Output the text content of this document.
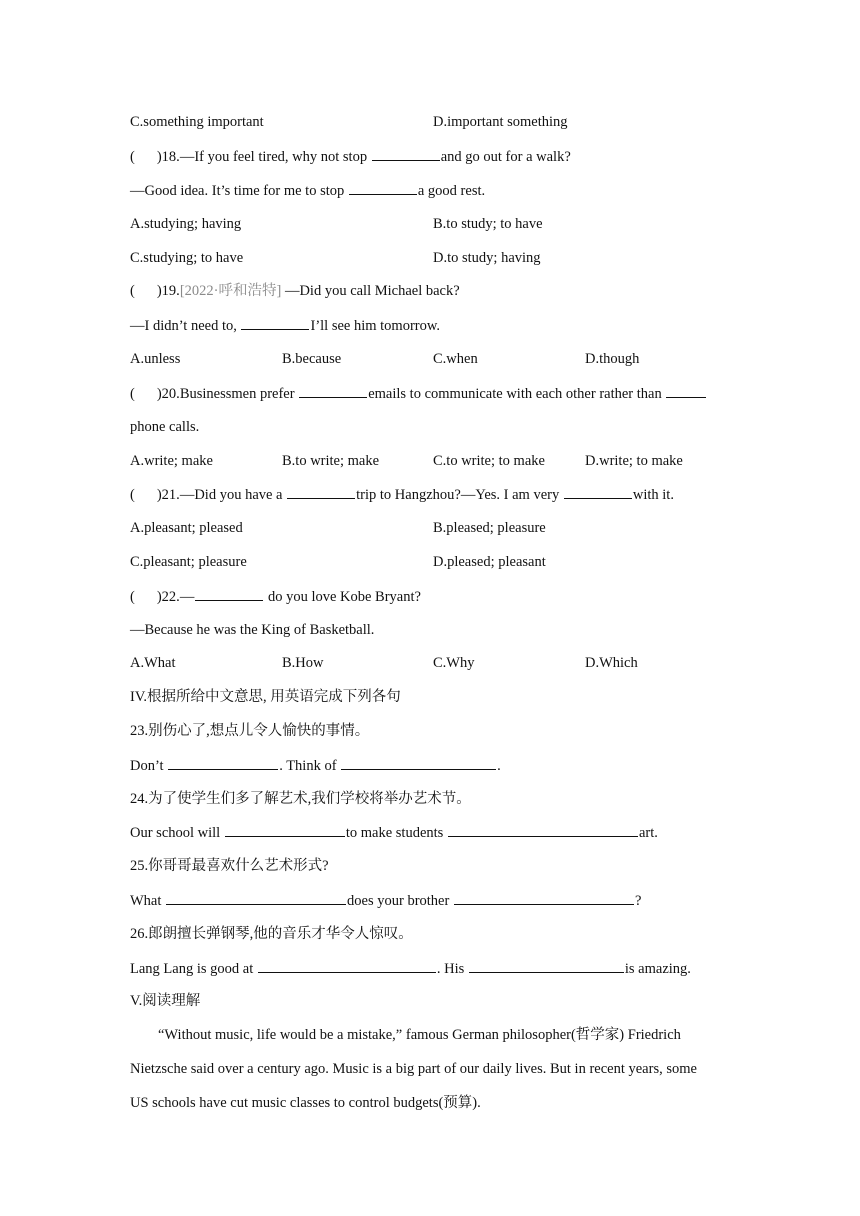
C.something important	D.important something
( )18.—If you feel tired, why not stop	and go out for a walk?
—Good idea. It’s time for me to stop	a good rest.
A.studying; having	B.to study; to have
C.studying; to have	D.to study; having
( )19.[2022·呼和浩特] —Did you call Michael back?
—I didn’t need to,	I’ll see him tomorrow.
A.unless	B.because	C.when	D.though
( )20.Businessmen prefer	emails to communicate with each other rather than
phone calls.
A.write; make	B.to write; make	C.to write; to make	D.write; to make
( )21.—Did you have a	trip to Hangzhou?—Yes. I am very	with it.
A.pleasant; pleased	B.pleased; pleasure
C.pleasant; pleasure	D.pleased; pleasant
( )22.—	do you love Kobe Bryant?
—Because he was the King of Basketball.
A.What	B.How	C.Why	D.Which
IV.根据所给中文意思, 用英语完成下列各句
23.别伤心了,想点儿令人愉快的事情。
Don’t	. Think of	.
24.为了使学生们多了解艺术,我们学校将举办艺术节。
Our school will	to make students	art.
25.你哥哥最喜欢什么艺术形式?
What	does your brother	?
26.郎朗擅长弹钢琴,他的音乐才华令人惊叹。
Lang Lang is good at	. His	is amazing.
V.阅读理解
“Without music, life would be a mistake,” famous German philosopher(哲学家) Friedrich
Nietzsche said over a century ago. Music is a big part of our daily lives. But in recent years, some
US schools have cut music classes to control budgets(预算).
